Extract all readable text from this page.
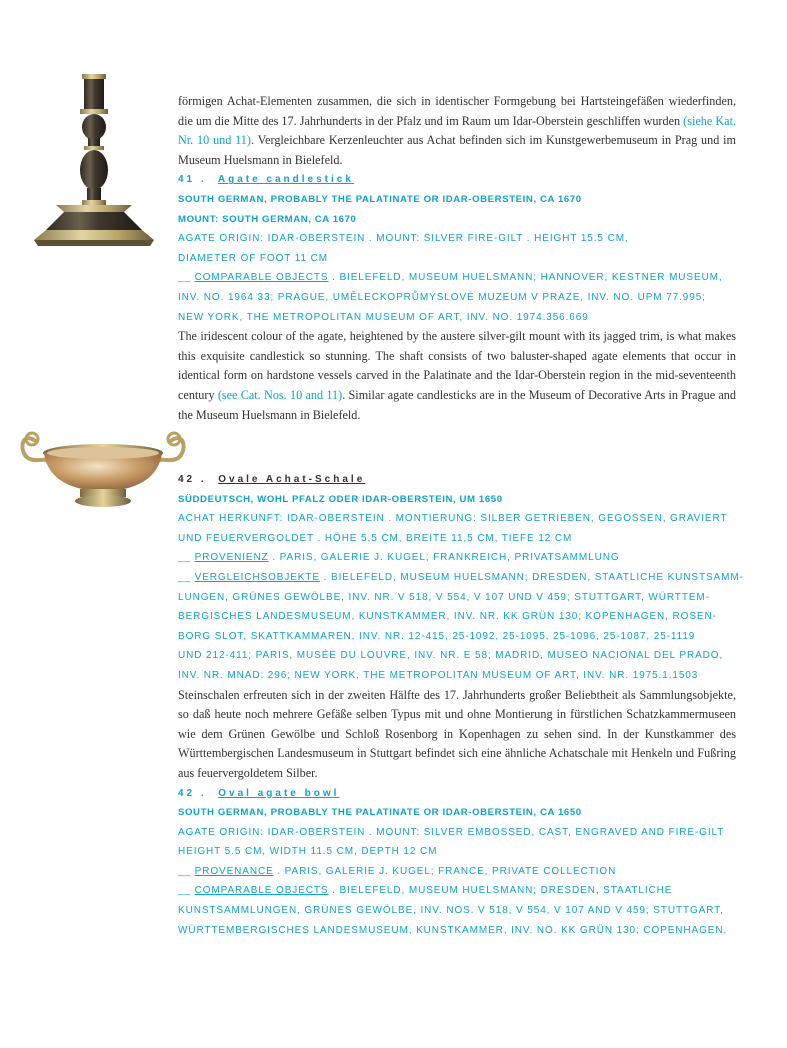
förmigen Achat-Elementen zusammen, die sich in identischer Formgebung bei Hartsteingefäßen wiederfinden, die um die Mitte des 17. Jahrhunderts in der Pfalz und im Raum um Idar-Oberstein geschliffen wurden (siehe Kat. Nr. 10 und 11). Vergleichbare Kerzenleuchter aus Achat befinden sich im Kunstgewerbemuseum in Prag und im Museum Huelsmann in Bielefeld.

41 . Agate candlestick

SOUTH GERMAN, PROBABLY THE PALATINATE OR IDAR-OBERSTEIN, CA 1670

MOUNT: SOUTH GERMAN, CA 1670

AGATE ORIGIN: IDAR-OBERSTEIN . MOUNT: SILVER FIRE-GILT . HEIGHT 15.5 CM,

DIAMETER OF FOOT 11 CM

__ COMPARABLE OBJECTS . BIELEFELD, MUSEUM HUELSMANN; HANNOVER, KESTNER MUSEUM,

INV. NO. 1964 33; PRAGUE, UMĚLECKOPRŮMYSLOVÉ MUZEUM V PRAZE, INV. NO. UPM 77.995;

NEW YORK, THE METROPOLITAN MUSEUM OF ART, INV. NO. 1974.356.669

The iridescent colour of the agate, heightened by the austere silver-gilt mount with its jagged trim, is what makes this exquisite candlestick so stunning. The shaft consists of two baluster-shaped agate elements that occur in identical form on hardstone vessels carved in the Palatinate and the Idar-Oberstein region in the mid-seventeenth century (see Cat. Nos. 10 and 11). Similar agate candlesticks are in the Museum of Decorative Arts in Prague and the Museum Huelsmann in Bielefeld.

42 . Ovale Achat-Schale

SÜDDEUTSCH, WOHL PFALZ ODER IDAR-OBERSTEIN, UM 1650

ACHAT HERKUNFT: IDAR-OBERSTEIN . MONTIERUNG: SILBER GETRIEBEN, GEGOSSEN, GRAVIERT

UND FEUERVERGOLDET . HÖHE 5,5 CM, BREITE 11,5 CM, TIEFE 12 CM

__ PROVENIENZ . PARIS, GALERIE J. KUGEL; FRANKREICH, PRIVATSAMMLUNG

__ VERGLEICHSOBJEKTE . BIELEFELD, MUSEUM HUELSMANN; DRESDEN, STAATLICHE KUNSTSAMM-

LUNGEN, GRÜNES GEWÖLBE, INV. NR. V 518, V 554, V 107 UND V 459; STUTTGART, WÜRTTEM-

BERGISCHES LANDESMUSEUM, KUNSTKAMMER, INV. NR. KK GRÜN 130; KOPENHAGEN, ROSEN-

BORG SLOT, SKATTKAMMAREN, INV. NR. 12-415, 25-1092, 25-1095, 25-1096, 25-1087, 25-1119

UND 212-411; PARIS, MUSÉE DU LOUVRE, INV. NR. E 58; MADRID, MUSEO NACIONAL DEL PRADO,

INV. NR. MNAD: 296; NEW YORK, THE METROPOLITAN MUSEUM OF ART, INV. NR. 1975.1.1503

Steinschalen erfreuten sich in der zweiten Hälfte des 17. Jahrhunderts großer Beliebtheit als Sammlungsobjekte, so daß heute noch mehrere Gefäße selben Typus mit und ohne Montierung in fürstlichen Schatzkammermuseen wie dem Grünen Gewölbe und Schloß Rosenborg in Kopenhagen zu sehen sind. In der Kunstkammer des Württembergischen Landesmuseum in Stuttgart befindet sich eine ähnliche Achatschale mit Henkeln und Fußring aus feuervergoldetem Silber.

42 . Oval agate bowl

SOUTH GERMAN, PROBABLY THE PALATINATE OR IDAR-OBERSTEIN, CA 1650

AGATE ORIGIN: IDAR-OBERSTEIN . MOUNT: SILVER EMBOSSED, CAST, ENGRAVED AND FIRE-GILT

HEIGHT 5.5 CM, WIDTH 11.5 CM, DEPTH 12 CM

__ PROVENANCE . PARIS, GALERIE J. KUGEL; FRANCE, PRIVATE COLLECTION

__ COMPARABLE OBJECTS . BIELEFELD, MUSEUM HUELSMANN; DRESDEN, STAATLICHE

KUNSTSAMMLUNGEN, GRÜNES GEWÖLBE, INV. NOS. V 518, V 554, V 107 AND V 459; STUTTGART,

WÜRTTEMBERGISCHES LANDESMUSEUM, KUNSTKAMMER, INV. NO. KK GRÜN 130; COPENHAGEN,
